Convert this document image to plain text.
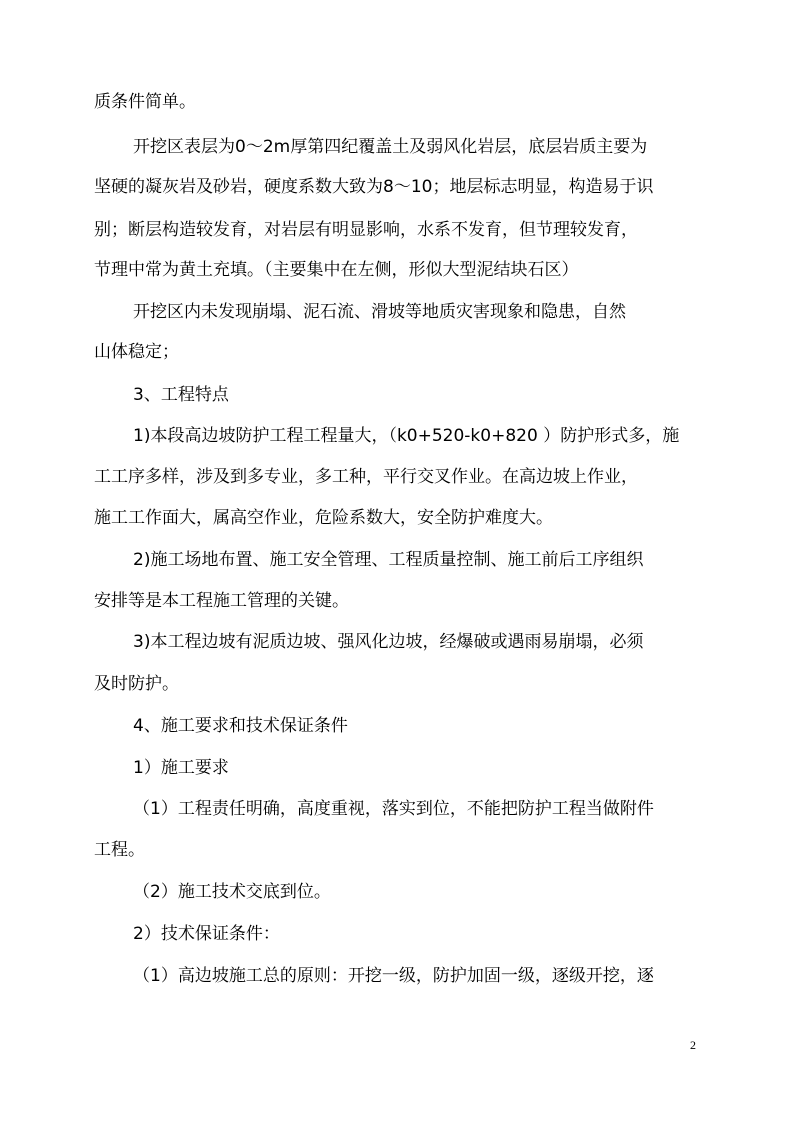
质条件简单。

开挖区表层为0～2m厚第四纪覆盖土及弱风化岩层，底层岩质主要为

坚硬的凝灰岩及砂岩，硬度系数大致为8～10；地层标志明显，构造易于识

别；断层构造较发育，对岩层有明显影响，水系不发育，但节理较发育，

节理中常为黄土充填。（主要集中在左侧，形似大型泥结块石区）

开挖区内未发现崩塌、泥石流、滑坡等地质灾害现象和隐患，自然

山体稳定；

3、工程特点

1)本段高边坡防护工程工程量大，（k0+520-k0+820 ）防护形式多，施

工工序多样，涉及到多专业，多工种，平行交叉作业。在高边坡上作业，

施工工作面大，属高空作业，危险系数大，安全防护难度大。

2)施工场地布置、施工安全管理、工程质量控制、施工前后工序组织

安排等是本工程施工管理的关键。

3)本工程边坡有泥质边坡、强风化边坡，经爆破或遇雨易崩塌，必须

及时防护。

4、施工要求和技术保证条件

1）施工要求

（1）工程责任明确，高度重视，落实到位，不能把防护工程当做附件

工程。

（2）施工技术交底到位。

2）技术保证条件：

（1）高边坡施工总的原则：开挖一级，防护加固一级，逐级开挖，逐

2
